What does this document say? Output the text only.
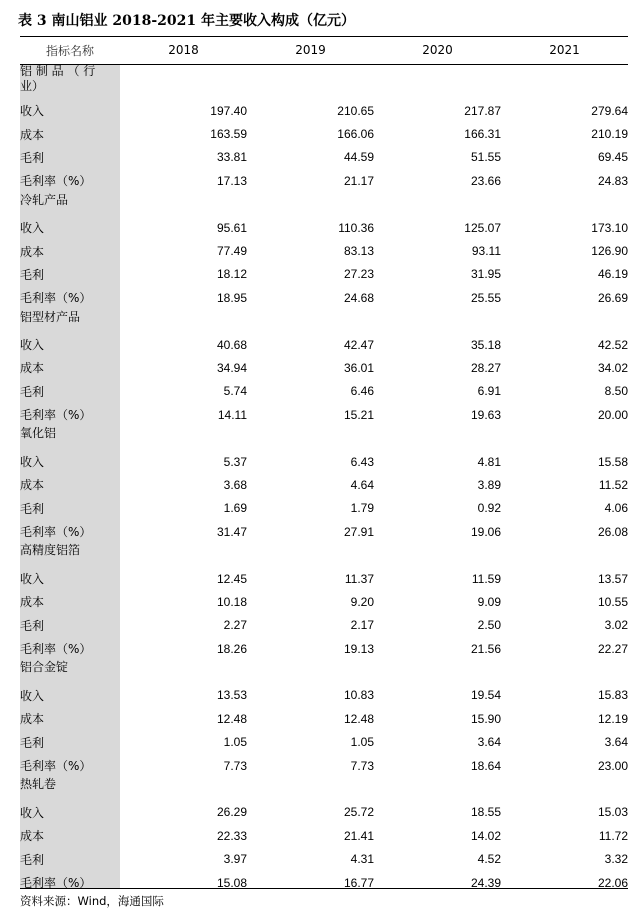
表 3 南山铝业 2018-2021 年主要收入构成（亿元）
指标名称	2018	2019	2020	2021
铝 制 品 （ 行
业）				
收入	197.40	210.65	217.87	279.64
成本	163.59	166.06	166.31	210.19
毛利	33.81	44.59	51.55	69.45
毛利率（%）	17.13	21.17	23.66	24.83
冷轧产品				
收入	95.61	110.36	125.07	173.10
成本	77.49	83.13	93.11	126.90
毛利	18.12	27.23	31.95	46.19
毛利率（%）	18.95	24.68	25.55	26.69
铝型材产品				
收入	40.68	42.47	35.18	42.52
成本	34.94	36.01	28.27	34.02
毛利	5.74	6.46	6.91	8.50
毛利率（%）	14.11	15.21	19.63	20.00
氧化铝				
收入	5.37	6.43	4.81	15.58
成本	3.68	4.64	3.89	11.52
毛利	1.69	1.79	0.92	4.06
毛利率（%）	31.47	27.91	19.06	26.08
高精度铝箔				
收入	12.45	11.37	11.59	13.57
成本	10.18	9.20	9.09	10.55
毛利	2.27	2.17	2.50	3.02
毛利率（%）	18.26	19.13	21.56	22.27
铝合金锭				
收入	13.53	10.83	19.54	15.83
成本	12.48	12.48	15.90	12.19
毛利	1.05	1.05	3.64	3.64
毛利率（%）	7.73	7.73	18.64	23.00
热轧卷				
收入	26.29	25.72	18.55	15.03
成本	22.33	21.41	14.02	11.72
毛利	3.97	4.31	4.52	3.32
毛利率（%）	15.08	16.77	24.39	22.06
资料来源：Wind，海通国际
